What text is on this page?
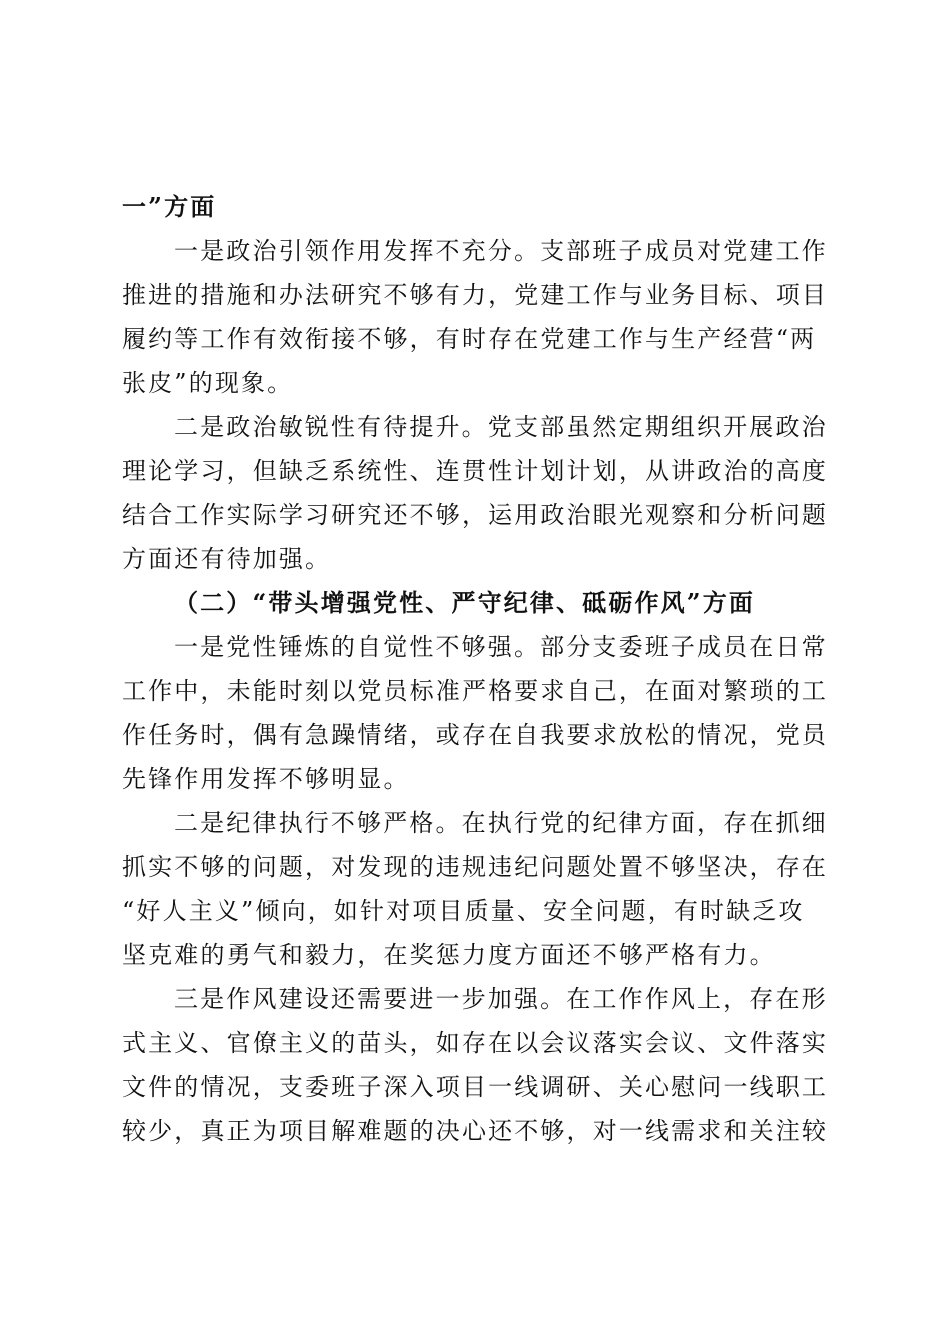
一”方面
一是政治引领作用发挥不充分。支部班子成员对党建工作
推进的措施和办法研究不够有力，党建工作与业务目标、项目
履约等工作有效衔接不够，有时存在党建工作与生产经营“两
张皮”的现象。
二是政治敏锐性有待提升。党支部虽然定期组织开展政治
理论学习，但缺乏系统性、连贯性计划计划，从讲政治的高度
结合工作实际学习研究还不够，运用政治眼光观察和分析问题
方面还有待加强。
（二）“带头增强党性、严守纪律、砥砺作风”方面
一是党性锤炼的自觉性不够强。部分支委班子成员在日常
工作中，未能时刻以党员标准严格要求自己，在面对繁琐的工
作任务时，偶有急躁情绪，或存在自我要求放松的情况，党员
先锋作用发挥不够明显。
二是纪律执行不够严格。在执行党的纪律方面，存在抓细
抓实不够的问题，对发现的违规违纪问题处置不够坚决，存在
“好人主义”倾向，如针对项目质量、安全问题，有时缺乏攻
坚克难的勇气和毅力，在奖惩力度方面还不够严格有力。
三是作风建设还需要进一步加强。在工作作风上，存在形
式主义、官僚主义的苗头，如存在以会议落实会议、文件落实
文件的情况，支委班子深入项目一线调研、关心慰问一线职工
较少，真正为项目解难题的决心还不够，对一线需求和关注较
